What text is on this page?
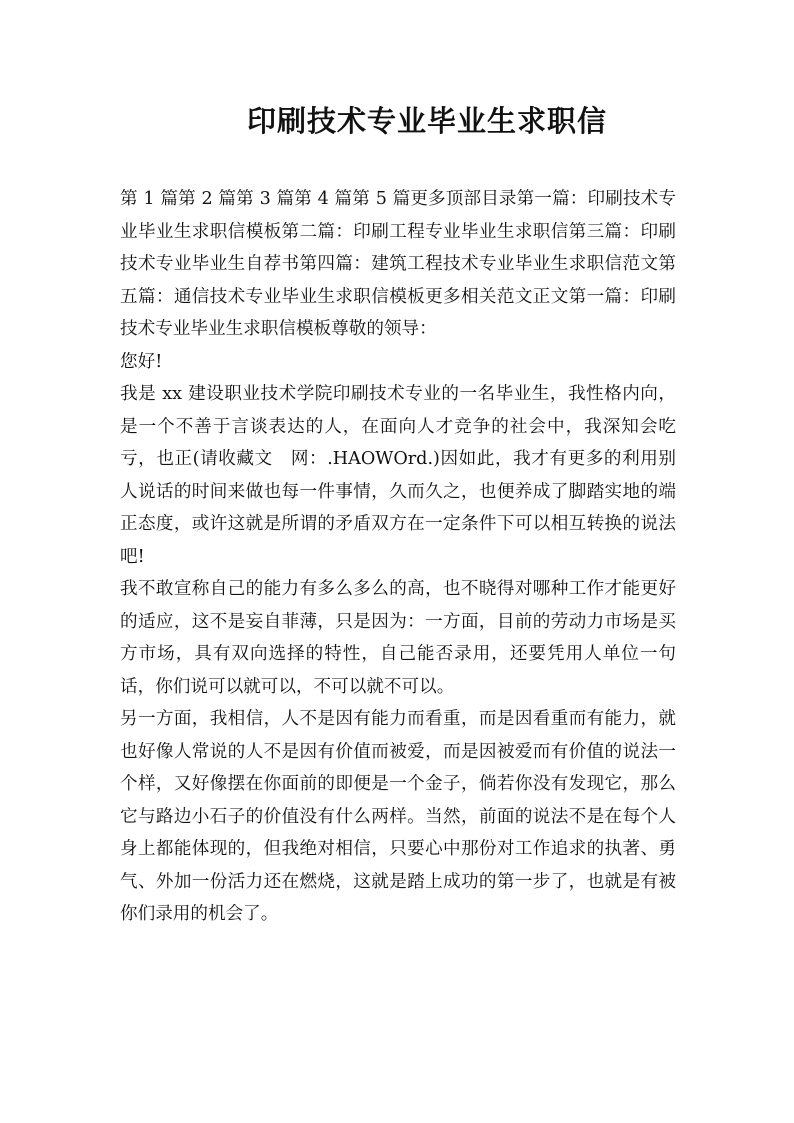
印刷技术专业毕业生求职信

第 1 篇第 2 篇第 3 篇第 4 篇第 5 篇更多顶部目录第一篇：印刷技术专业毕业生求职信模板第二篇：印刷工程专业毕业生求职信第三篇：印刷技术专业毕业生自荐书第四篇：建筑工程技术专业毕业生求职信范文第五篇：通信技术专业毕业生求职信模板更多相关范文正文第一篇：印刷技术专业毕业生求职信模板尊敬的领导：

您好!

我是 xx 建设职业技术学院印刷技术专业的一名毕业生，我性格内向，是一个不善于言谈表达的人，在面向人才竞争的社会中，我深知会吃亏，也正(请收藏文　网：.HAOWOrd.)因如此，我才有更多的利用别人说话的时间来做也每一件事情，久而久之，也便养成了脚踏实地的端正态度，或许这就是所谓的矛盾双方在一定条件下可以相互转换的说法吧!

我不敢宣称自己的能力有多么多么的高，也不晓得对哪种工作才能更好的适应，这不是妄自菲薄，只是因为：一方面，目前的劳动力市场是买方市场，具有双向选择的特性，自己能否录用，还要凭用人单位一句话，你们说可以就可以，不可以就不可以。

另一方面，我相信，人不是因有能力而看重，而是因看重而有能力，就也好像人常说的人不是因有价值而被爱，而是因被爱而有价值的说法一个样，又好像摆在你面前的即便是一个金子，倘若你没有发现它，那么它与路边小石子的价值没有什么两样。当然，前面的说法不是在每个人身上都能体现的，但我绝对相信，只要心中那份对工作追求的执著、勇气、外加一份活力还在燃烧，这就是踏上成功的第一步了，也就是有被你们录用的机会了。
